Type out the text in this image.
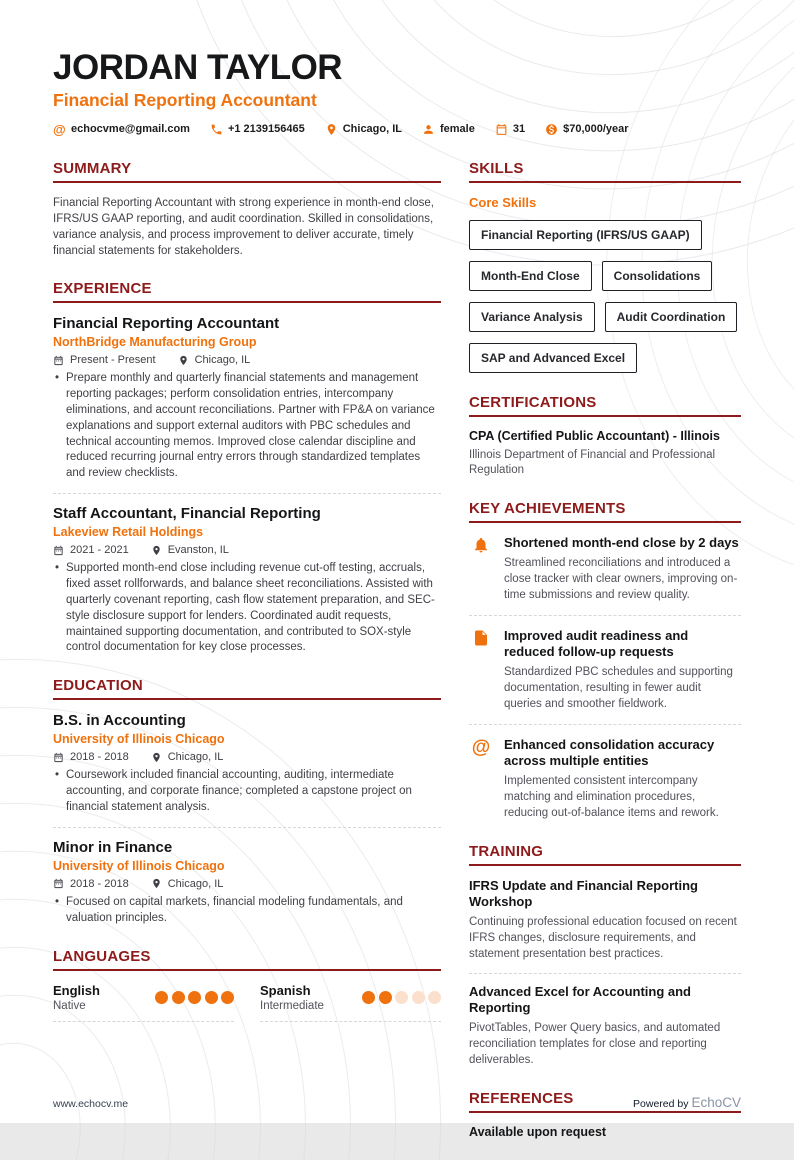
JORDAN TAYLOR
Financial Reporting Accountant
@ echocvme@gmail.com	+1 2139156465	Chicago, IL	female	31	$70,000/year
SUMMARY

Financial Reporting Accountant with strong experience in month-end close, IFRS/US GAAP reporting, and audit coordination. Skilled in consolidations, variance analysis, and process improvement to deliver accurate, timely financial statements for stakeholders.

EXPERIENCE
Financial Reporting Accountant
NorthBridge Manufacturing Group
Present - Present	Chicago, IL
• Prepare monthly and quarterly financial statements and management reporting packages; perform consolidation entries, intercompany eliminations, and account reconciliations. Partner with FP&A on variance explanations and support external auditors with PBC schedules and technical accounting memos. Improved close calendar discipline and reduced recurring journal entry errors through standardized templates and review checklists.
Staff Accountant, Financial Reporting
Lakeview Retail Holdings
2021 - 2021	Evanston, IL
• Supported month-end close including revenue cut-off testing, accruals, fixed asset rollforwards, and balance sheet reconciliations. Assisted with quarterly covenant reporting, cash flow statement preparation, and SEC-style disclosure support for lenders. Coordinated audit requests, maintained supporting documentation, and contributed to SOX-style control documentation for key close processes.
EDUCATION
B.S. in Accounting
University of Illinois Chicago
2018 - 2018	Chicago, IL
• Coursework included financial accounting, auditing, intermediate accounting, and corporate finance; completed a capstone project on financial statement analysis.
Minor in Finance
University of Illinois Chicago
2018 - 2018	Chicago, IL
• Focused on capital markets, financial modeling fundamentals, and valuation principles.
LANGUAGES
English
Native
Spanish
Intermediate
SKILLS
Core Skills
Financial Reporting (IFRS/US GAAP)
Month-End Close	Consolidations
Variance Analysis	Audit Coordination
SAP and Advanced Excel
CERTIFICATIONS
CPA (Certified Public Accountant) - Illinois
Illinois Department of Financial and Professional Regulation
KEY ACHIEVEMENTS
Shortened month-end close by 2 days
Streamlined reconciliations and introduced a close tracker with clear owners, improving on-time submissions and review quality.
Improved audit readiness and reduced follow-up requests
Standardized PBC schedules and supporting documentation, resulting in fewer audit queries and smoother fieldwork.
@ Enhanced consolidation accuracy across multiple entities
Implemented consistent intercompany matching and elimination procedures, reducing out-of-balance items and rework.
TRAINING
IFRS Update and Financial Reporting Workshop
Continuing professional education focused on recent IFRS changes, disclosure requirements, and statement presentation best practices.
Advanced Excel for Accounting and Reporting
PivotTables, Power Query basics, and automated reconciliation templates for close and reporting deliverables.
REFERENCES
Available upon request
www.echocv.me	Powered by EchoCV
